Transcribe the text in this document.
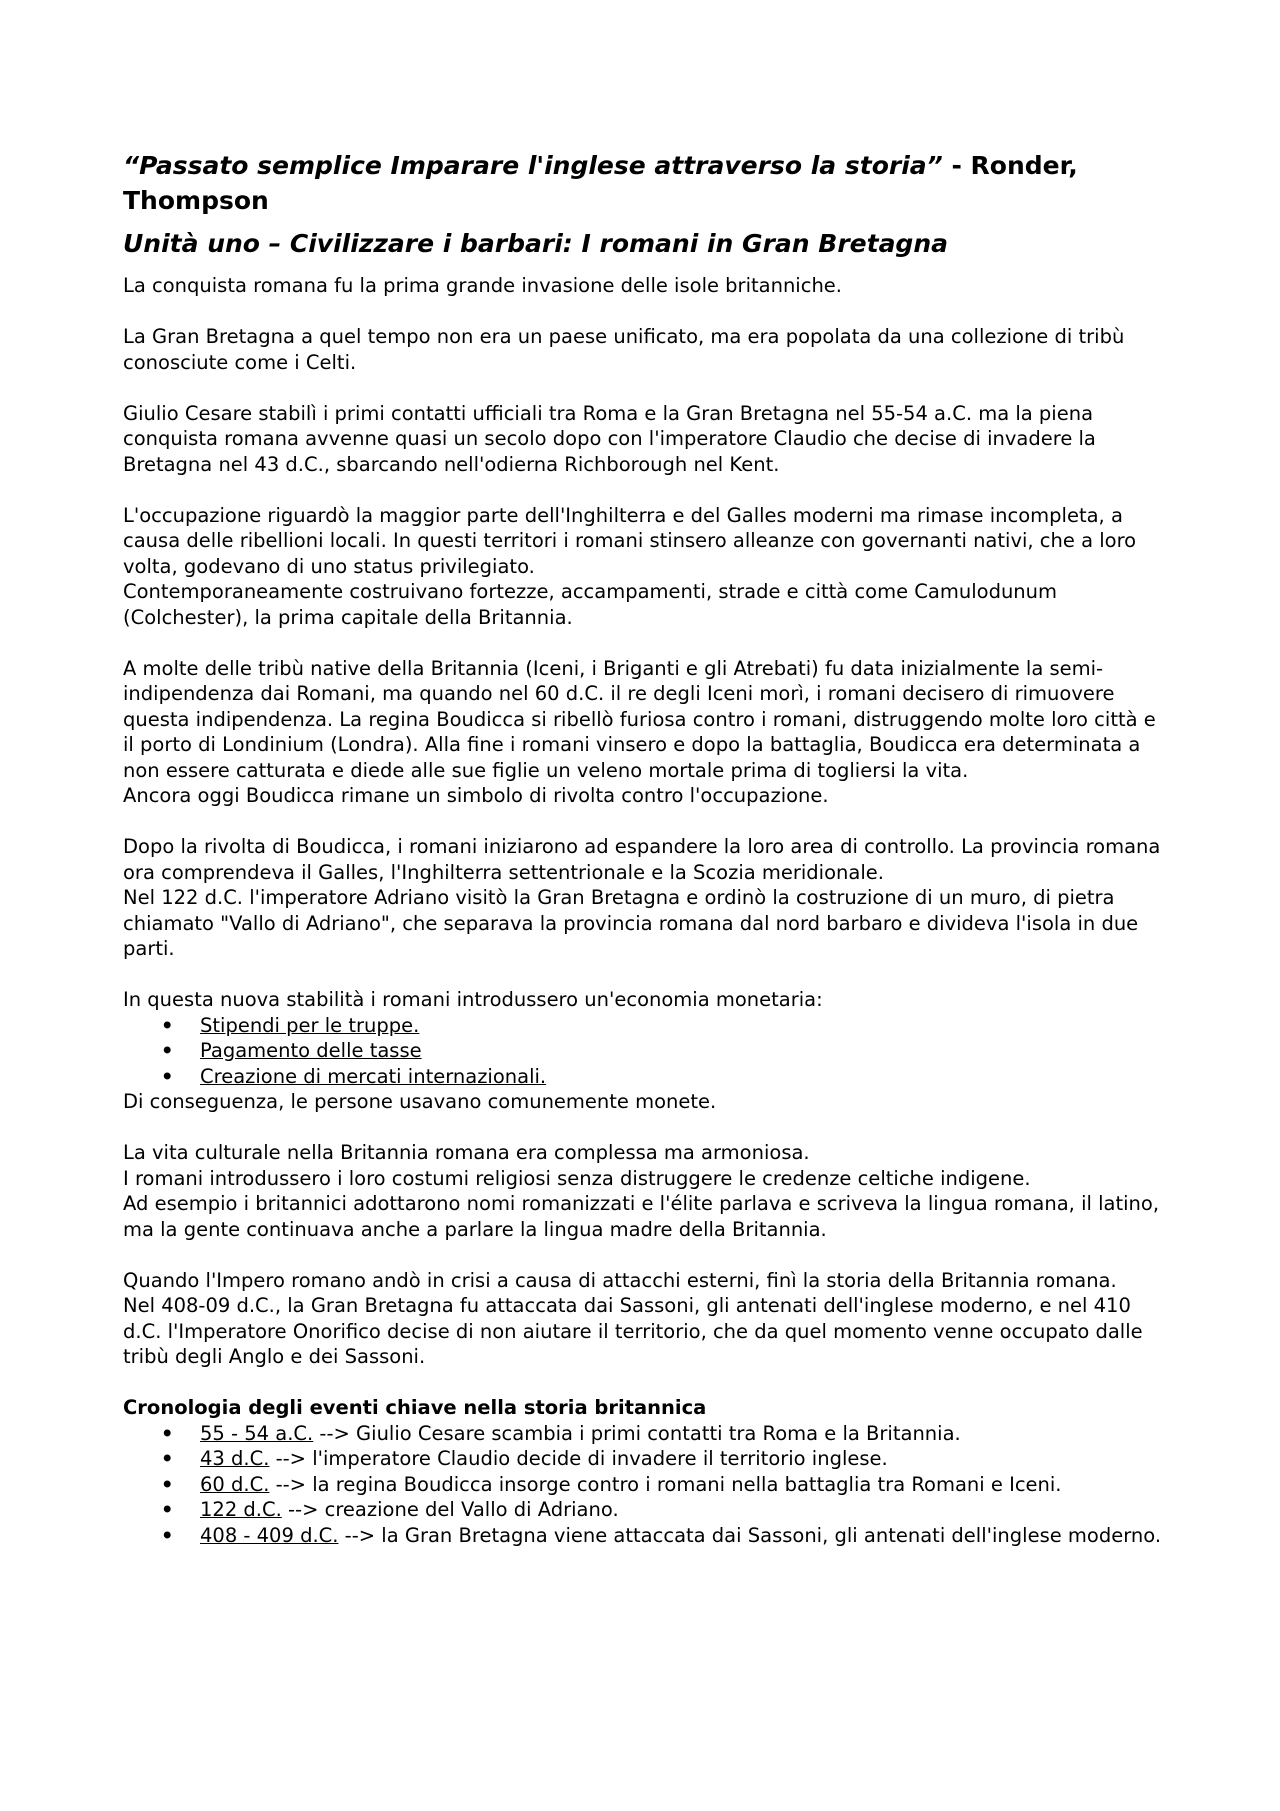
“Passato semplice Imparare l'inglese attraverso la storia” - Ronder, Thompson
Unità uno – Civilizzare i barbari: I romani in Gran Bretagna

La conquista romana fu la prima grande invasione delle isole britanniche.

La Gran Bretagna a quel tempo non era un paese unificato, ma era popolata da una collezione di tribù conosciute come i Celti.

Giulio Cesare stabilì i primi contatti ufficiali tra Roma e la Gran Bretagna nel 55-54 a.C. ma la piena conquista romana avvenne quasi un secolo dopo con l'imperatore Claudio che decise di invadere la Bretagna nel 43 d.C., sbarcando nell'odierna Richborough nel Kent.

L'occupazione riguardò la maggior parte dell'Inghilterra e del Galles moderni ma rimase incompleta, a causa delle ribellioni locali. In questi territori i romani stinsero alleanze con governanti nativi, che a loro volta, godevano di uno status privilegiato.

Contemporaneamente costruivano fortezze, accampamenti, strade e città come Camulodunum (Colchester), la prima capitale della Britannia.

A molte delle tribù native della Britannia (Iceni, i Briganti e gli Atrebati) fu data inizialmente la semi-indipendenza dai Romani, ma quando nel 60 d.C. il re degli Iceni morì, i romani decisero di rimuovere questa indipendenza. La regina Boudicca si ribellò furiosa contro i romani, distruggendo molte loro città e il porto di Londinium (Londra). Alla fine i romani vinsero e dopo la battaglia, Boudicca era determinata a non essere catturata e diede alle sue figlie un veleno mortale prima di togliersi la vita.

Ancora oggi Boudicca rimane un simbolo di rivolta contro l'occupazione.

Dopo la rivolta di Boudicca, i romani iniziarono ad espandere la loro area di controllo. La provincia romana ora comprendeva il Galles, l'Inghilterra settentrionale e la Scozia meridionale.

Nel 122 d.C. l'imperatore Adriano visitò la Gran Bretagna e ordinò la costruzione di un muro, di pietra chiamato "Vallo di Adriano", che separava la provincia romana dal nord barbaro e divideva l'isola in due parti.

In questa nuova stabilità i romani introdussero un'economia monetaria:

• Stipendi per le truppe.
• Pagamento delle tasse
• Creazione di mercati internazionali.

Di conseguenza, le persone usavano comunemente monete.

La vita culturale nella Britannia romana era complessa ma armoniosa.

I romani introdussero i loro costumi religiosi senza distruggere le credenze celtiche indigene.

Ad esempio i britannici adottarono nomi romanizzati e l'élite parlava e scriveva la lingua romana, il latino, ma la gente continuava anche a parlare la lingua madre della Britannia.

Quando l'Impero romano andò in crisi a causa di attacchi esterni, finì la storia della Britannia romana.

Nel 408-09 d.C., la Gran Bretagna fu attaccata dai Sassoni, gli antenati dell'inglese moderno, e nel 410 d.C. l'Imperatore Onorifico decise di non aiutare il territorio, che da quel momento venne occupato dalle tribù degli Anglo e dei Sassoni.

Cronologia degli eventi chiave nella storia britannica

• 55 - 54 a.C. --> Giulio Cesare scambia i primi contatti tra Roma e la Britannia.
• 43 d.C. --> l'imperatore Claudio decide di invadere il territorio inglese.
• 60 d.C. --> la regina Boudicca insorge contro i romani nella battaglia tra Romani e Iceni.
• 122 d.C. --> creazione del Vallo di Adriano.
• 408 - 409 d.C. --> la Gran Bretagna viene attaccata dai Sassoni, gli antenati dell'inglese moderno.
